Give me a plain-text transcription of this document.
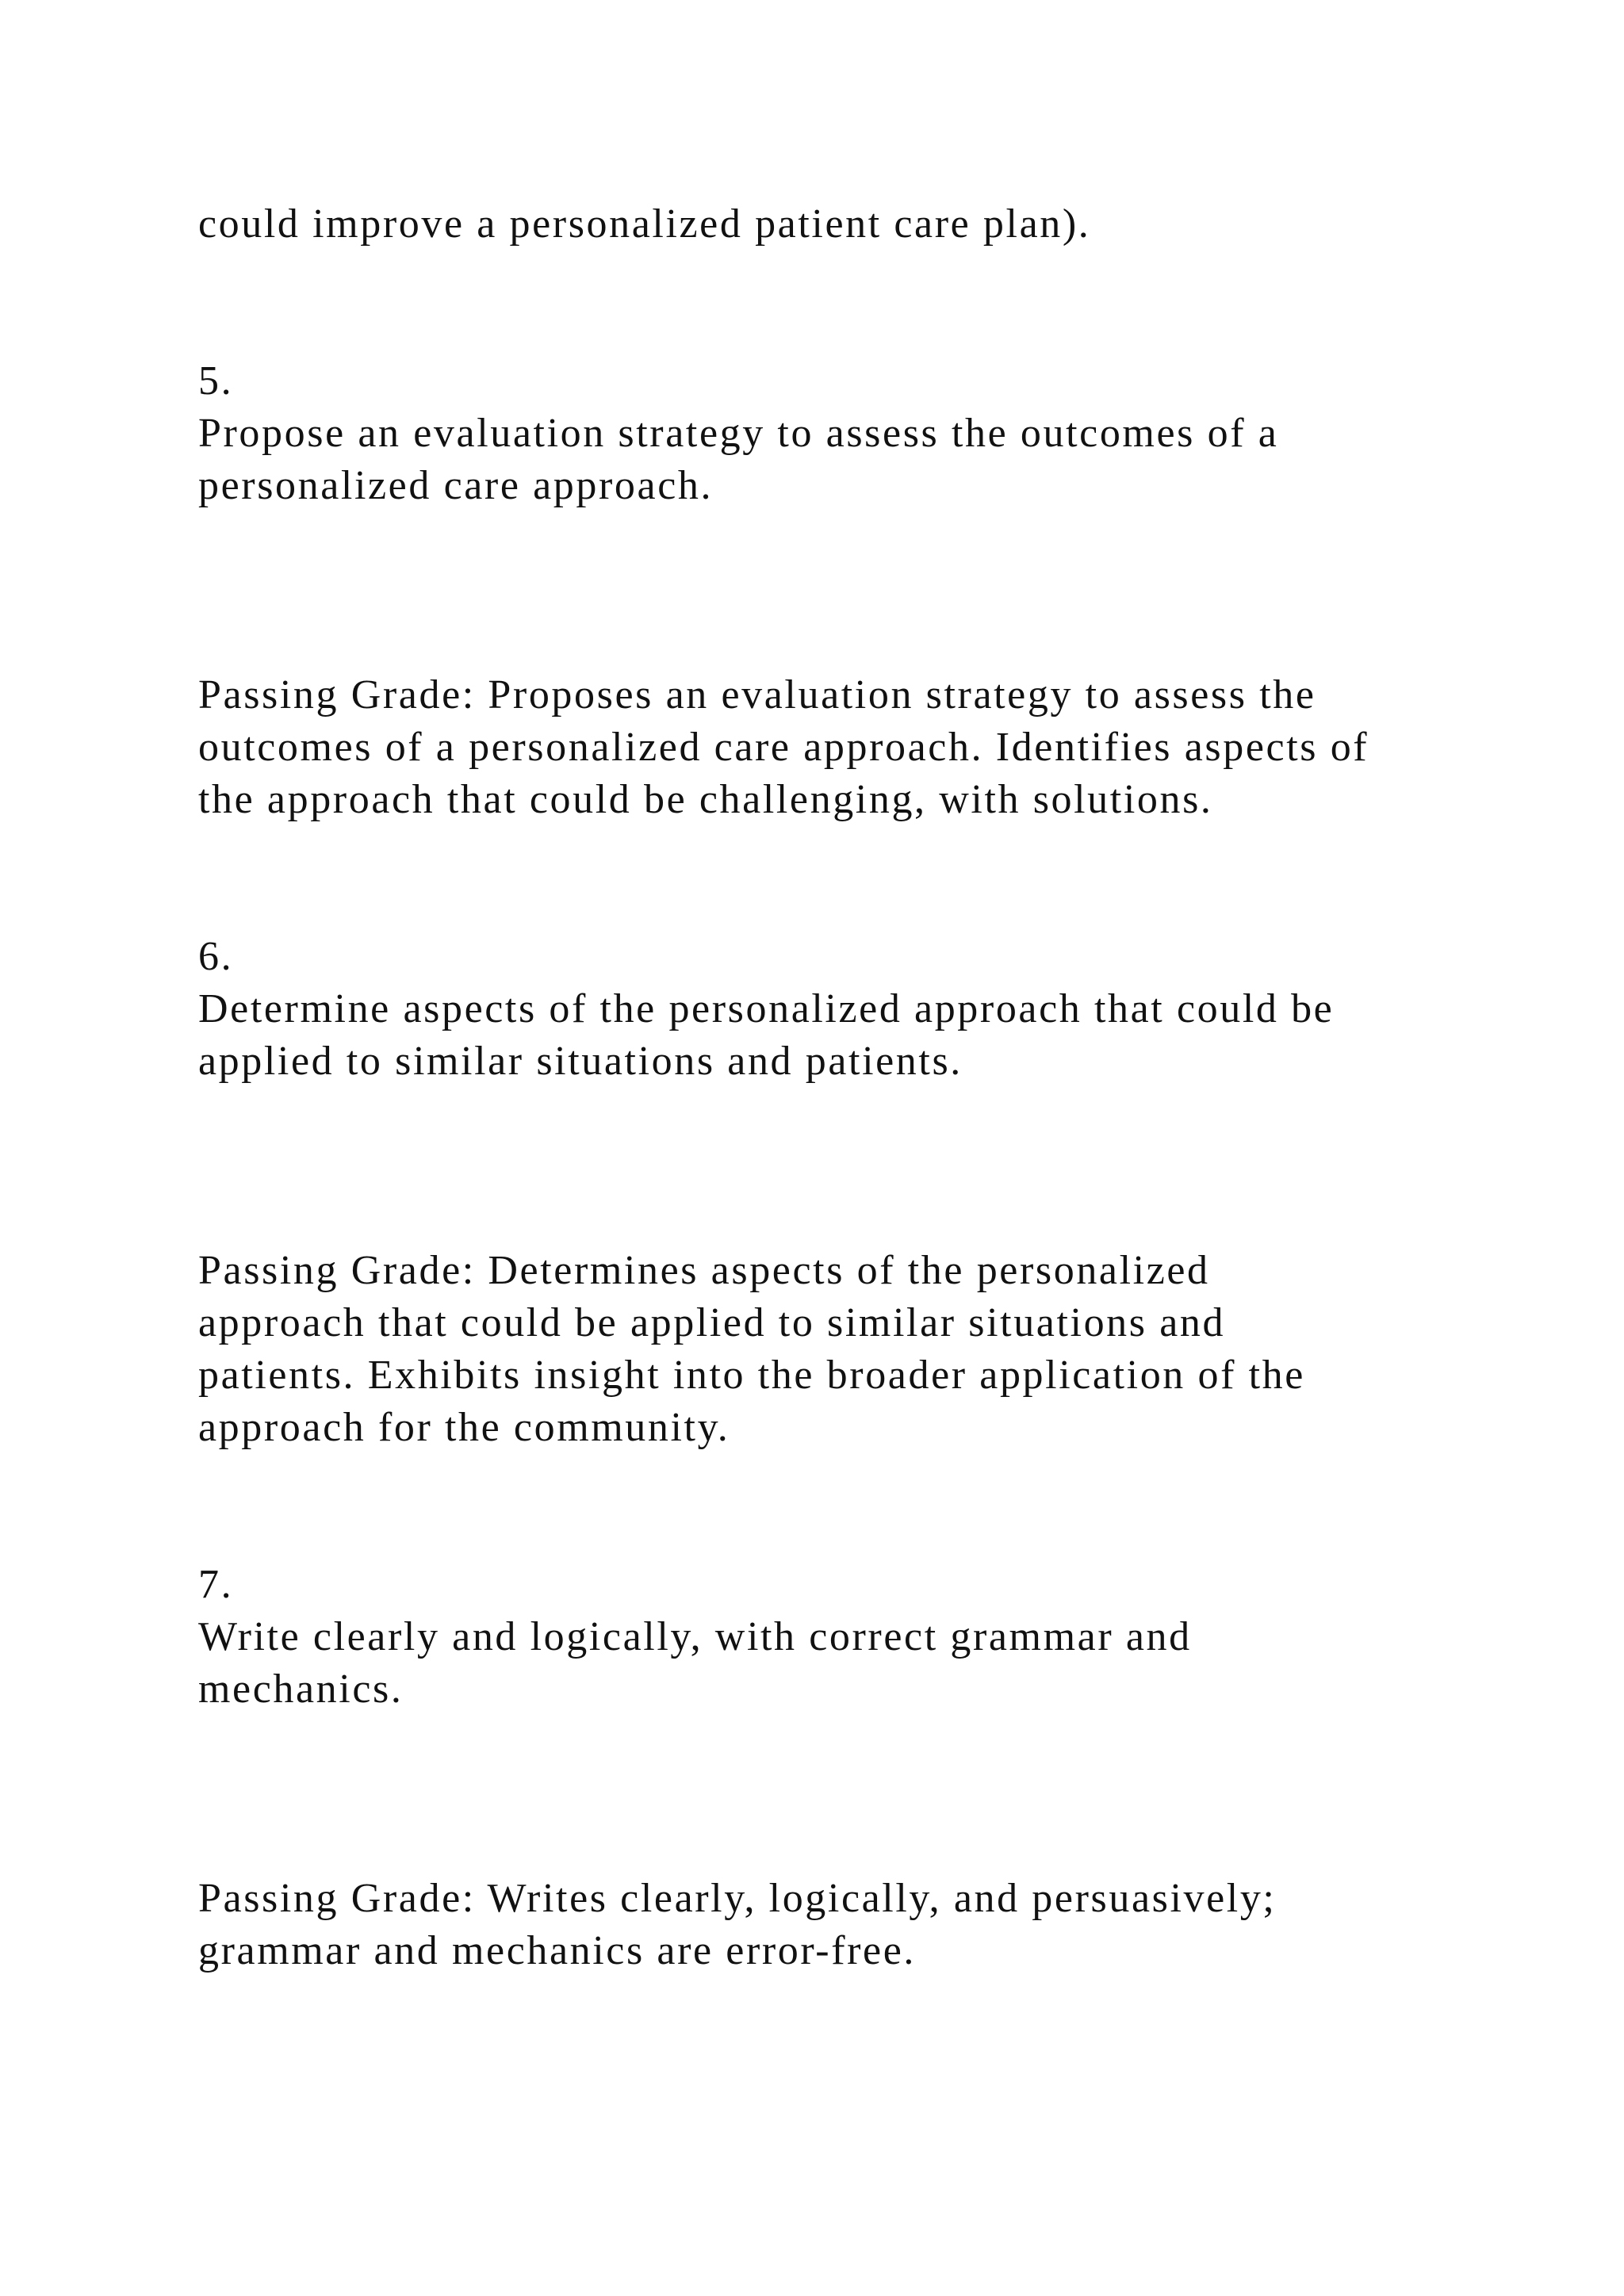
could improve a personalized patient care plan).

5.

Propose an evaluation strategy to assess the outcomes of a

personalized care approach.

Passing Grade: Proposes an evaluation strategy to assess the

outcomes of a personalized care approach. Identifies aspects of

the approach that could be challenging, with solutions.

6.

Determine aspects of the personalized approach that could be

applied to similar situations and patients.

Passing Grade: Determines aspects of the personalized

approach that could be applied to similar situations and

patients. Exhibits insight into the broader application of the

approach for the community.

7.

Write clearly and logically, with correct grammar and

mechanics.

Passing Grade: Writes clearly, logically, and persuasively;

grammar and mechanics are error-free.
